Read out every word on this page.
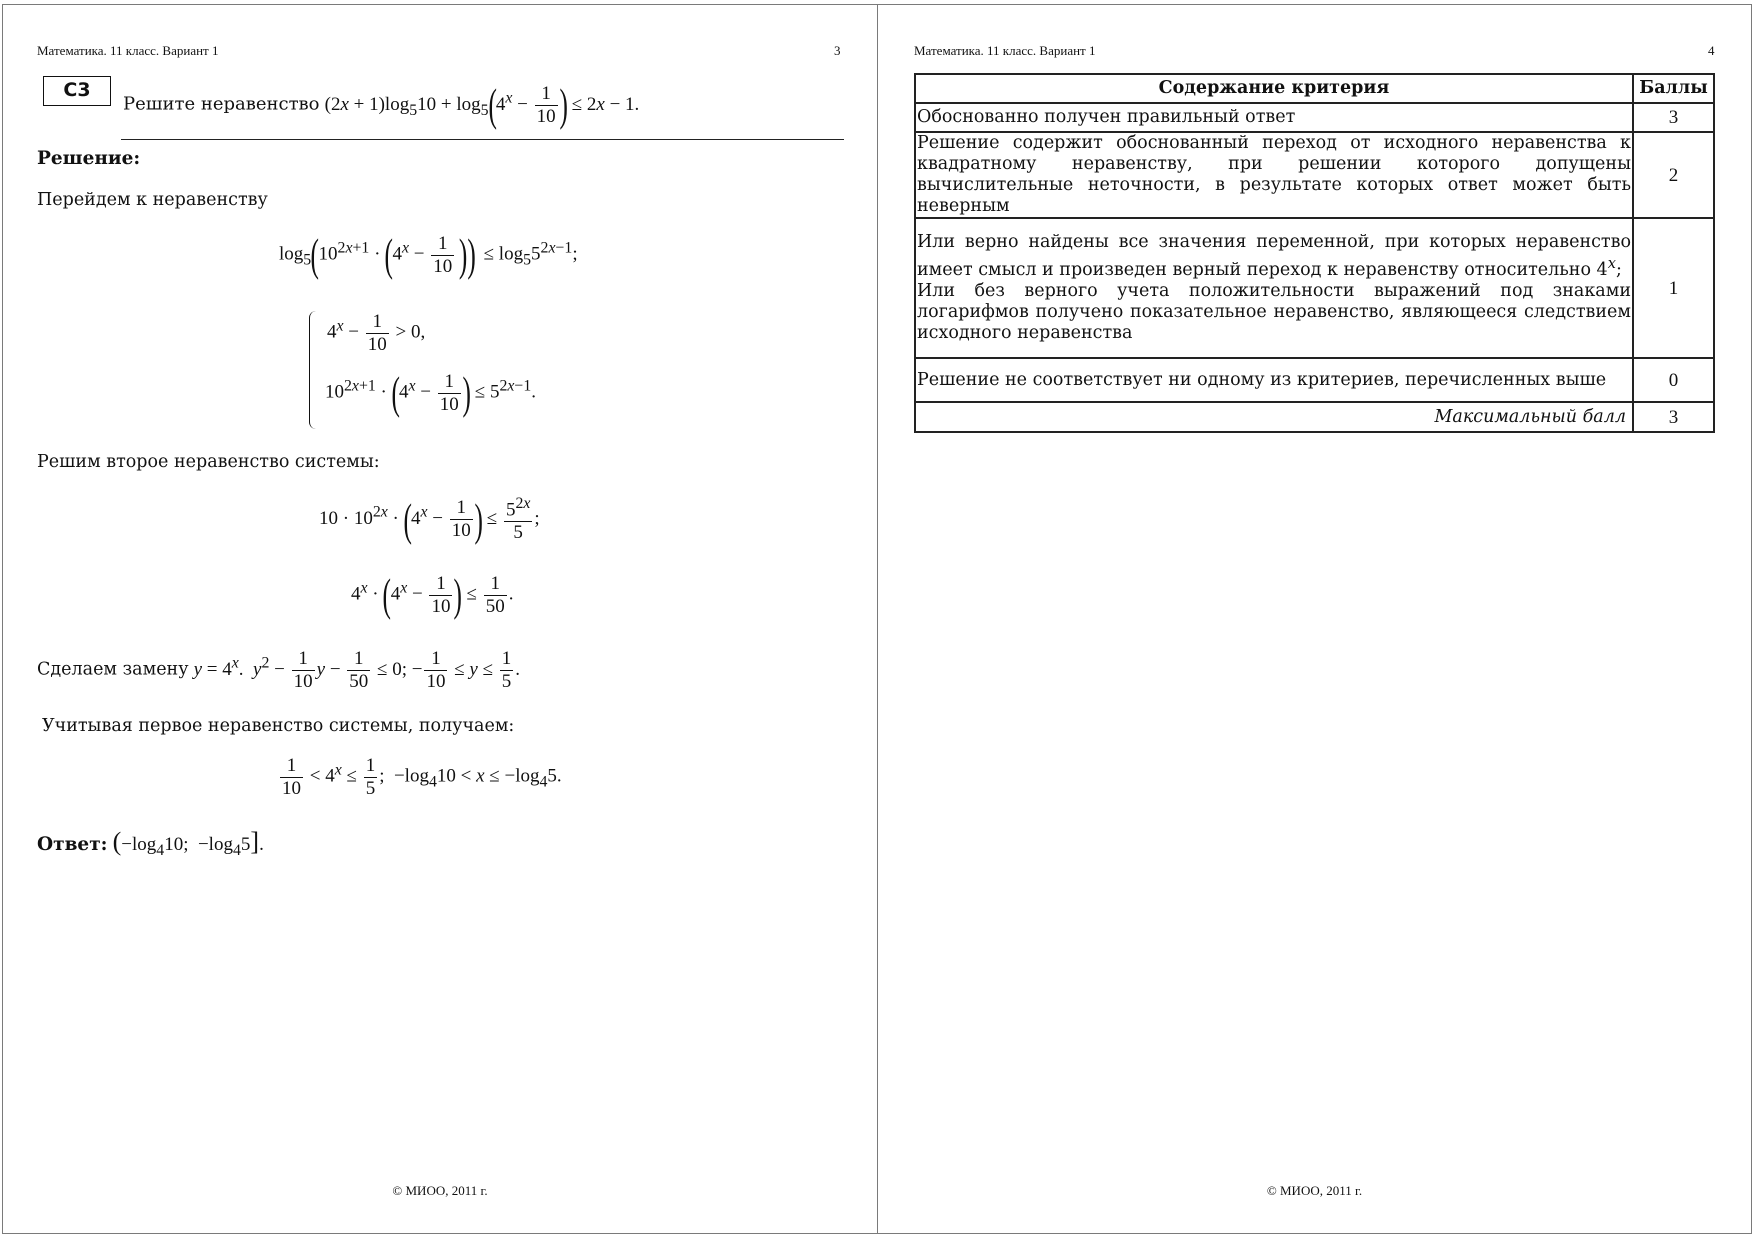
Математика. 11 класс. Вариант 1	3
C3
Решите неравенство $(2x + 1)\log_510 + \log_5(4^x - \frac{1}{10}$ ) ≤ 2x − 1.
Решение:
Перейдем к неравенству
$\log_5(10^{2x+1} \cdot (4^x - \frac{1}{10}$ )) ≤ $\log_55^{2x-1}$;
$4^x - \frac{1}{10} > 0$,
$10^{2x+1} \cdot (4^x - \frac{1}{10}$ ) ≤ $5^{2x-1}$.
Решим второе неравенство системы:
$10 \cdot 10^{2x} \cdot (4^x - \frac{1}{10}$ ) ≤ $\frac{5^{2x}}{5}$ ;
$4^x \cdot (4^x - \frac{1}{10}$ ) ≤ $\frac{1}{50}$ .
Сделаем замену $y = 4^x$.  $y^2 - \frac{1}{10}$ $y - \frac{1}{50} \le 0$; − $\frac{1}{10} \le y \le \frac{1}{5}$ .
Учитывая первое неравенство системы, получаем:
$\frac{1}{10} < 4^x \le \frac{1}{5}$ ;  $-\log_410 < x \le -\log_45$.
Ответ: ($-\log_410$;  $-\log_45$].
© МИОО, 2011 г.
Математика. 11 класс. Вариант 1	4
Содержание критерия	Баллы
Обоснованно получен правильный ответ	3
Решение содержит обоснованный переход от исходного неравенства к квадратному неравенству, при решении которого допущены вычислительные неточности, в результате которых ответ может быть неверным	2

Или верно найдены все значения переменной, при которых неравенство имеет смысл и произведен верный переход к неравенству относительно 4$^x$;

Или без верного учета положительности выражений под знаками логарифмов получено показательное неравенство, являющееся следствием исходного неравенства	1
Решение не соответствует ни одному из критериев, перечисленных выше	0
Максимальный балл	3
© МИОО, 2011 г.
